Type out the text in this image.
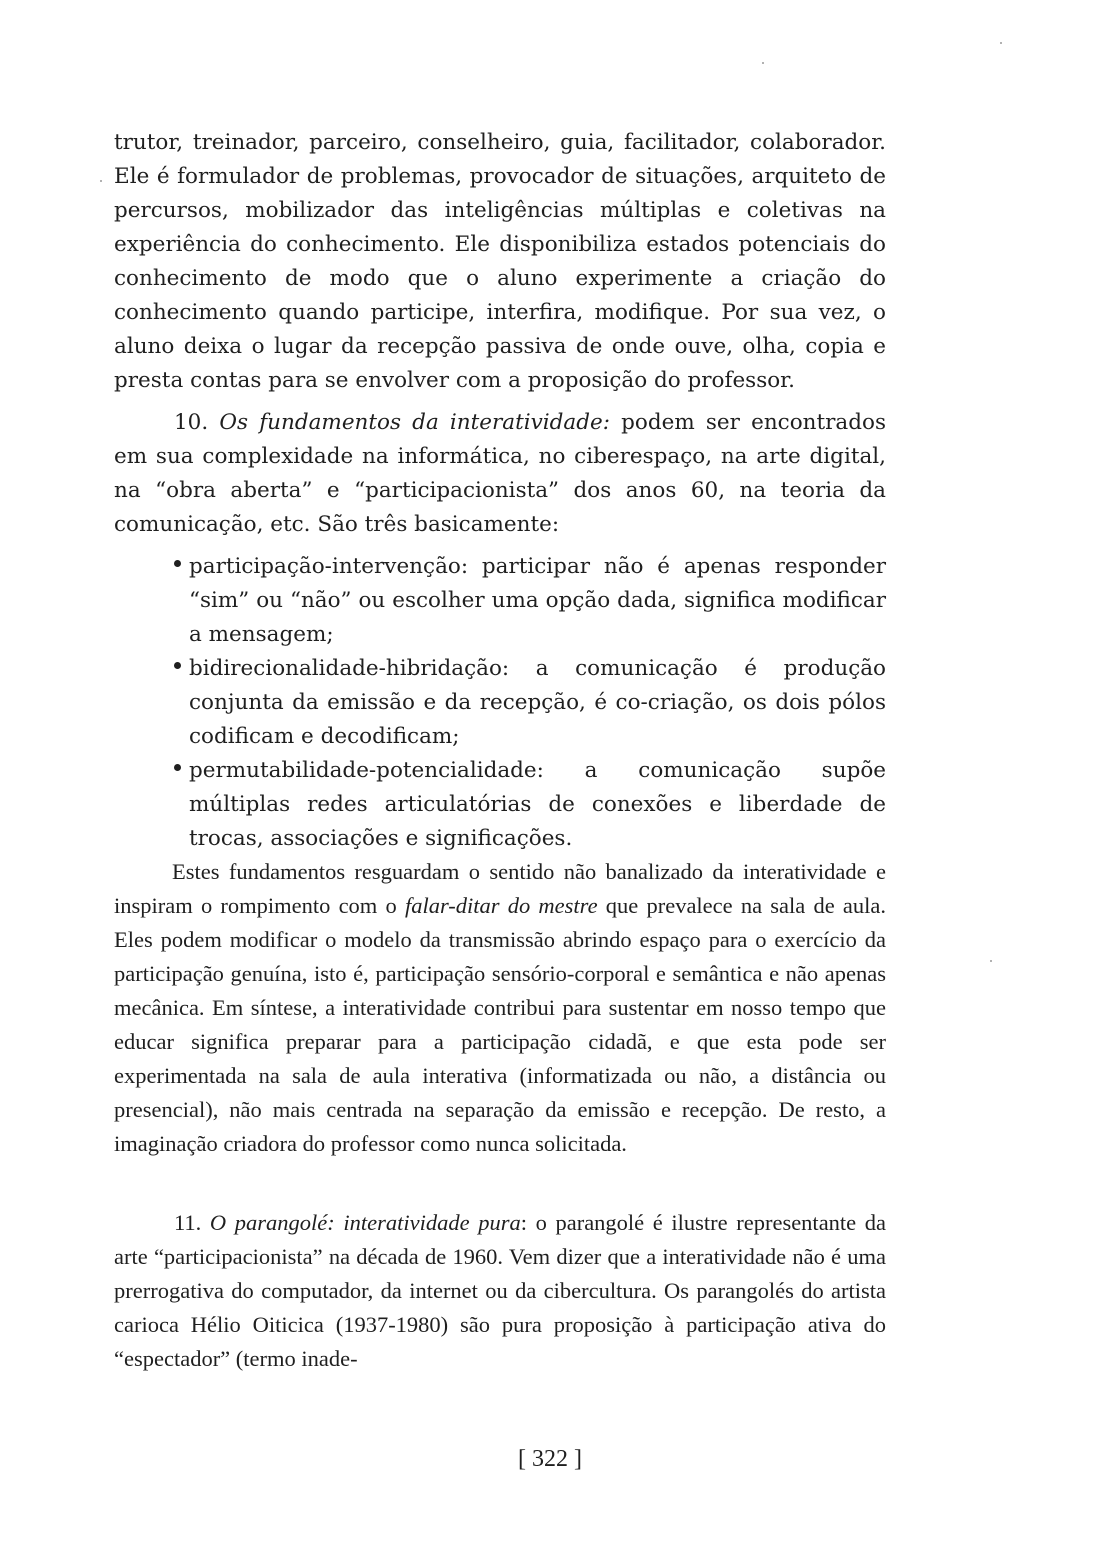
trutor, treinador, parceiro, conselheiro, guia, facilitador, colaborador. Ele é formulador de problemas, provocador de situações, arquiteto de percursos, mobilizador das inteligências múltiplas e coletivas na experiência do conhecimento. Ele disponibiliza estados potenciais do conhecimento de modo que o aluno experimente a criação do conhecimento quando participe, interfira, modifique. Por sua vez, o aluno deixa o lugar da recepção passiva de onde ouve, olha, copia e presta contas para se envolver com a proposição do professor.

10. Os fundamentos da interatividade: podem ser encontrados em sua complexidade na informática, no ciberespaço, na arte digital, na “obra aberta” e “participacionista” dos anos 60, na teoria da comunicação, etc. São três basicamente:

participação-intervenção: participar não é apenas responder “sim” ou “não” ou escolher uma opção dada, significa modificar a mensagem;
bidirecionalidade-hibridação: a comunicação é produção conjunta da emissão e da recepção, é co-criação, os dois pólos codificam e decodificam;
permutabilidade-potencialidade: a comunicação supõe múltiplas redes articulatórias de conexões e liberdade de trocas, associações e significações.

Estes fundamentos resguardam o sentido não banalizado da interatividade e inspiram o rompimento com o falar-ditar do mestre que prevalece na sala de aula. Eles podem modificar o modelo da transmissão abrindo espaço para o exercício da participação genuína, isto é, participação sensório-corporal e semântica e não apenas mecânica. Em síntese, a interatividade contribui para sustentar em nosso tempo que educar significa preparar para a participação cidadã, e que esta pode ser experimentada na sala de aula interativa (informatizada ou não, a distância ou presencial), não mais centrada na separação da emissão e recepção. De resto, a imaginação criadora do professor como nunca solicitada.

11. O parangolé: interatividade pura: o parangolé é ilustre representante da arte “participacionista” na década de 1960. Vem dizer que a interatividade não é uma prerrogativa do computador, da internet ou da cibercultura. Os parangolés do artista carioca Hélio Oiticica (1937-1980) são pura proposição à participação ativa do “espectador” (termo inade-

[ 322 ]
